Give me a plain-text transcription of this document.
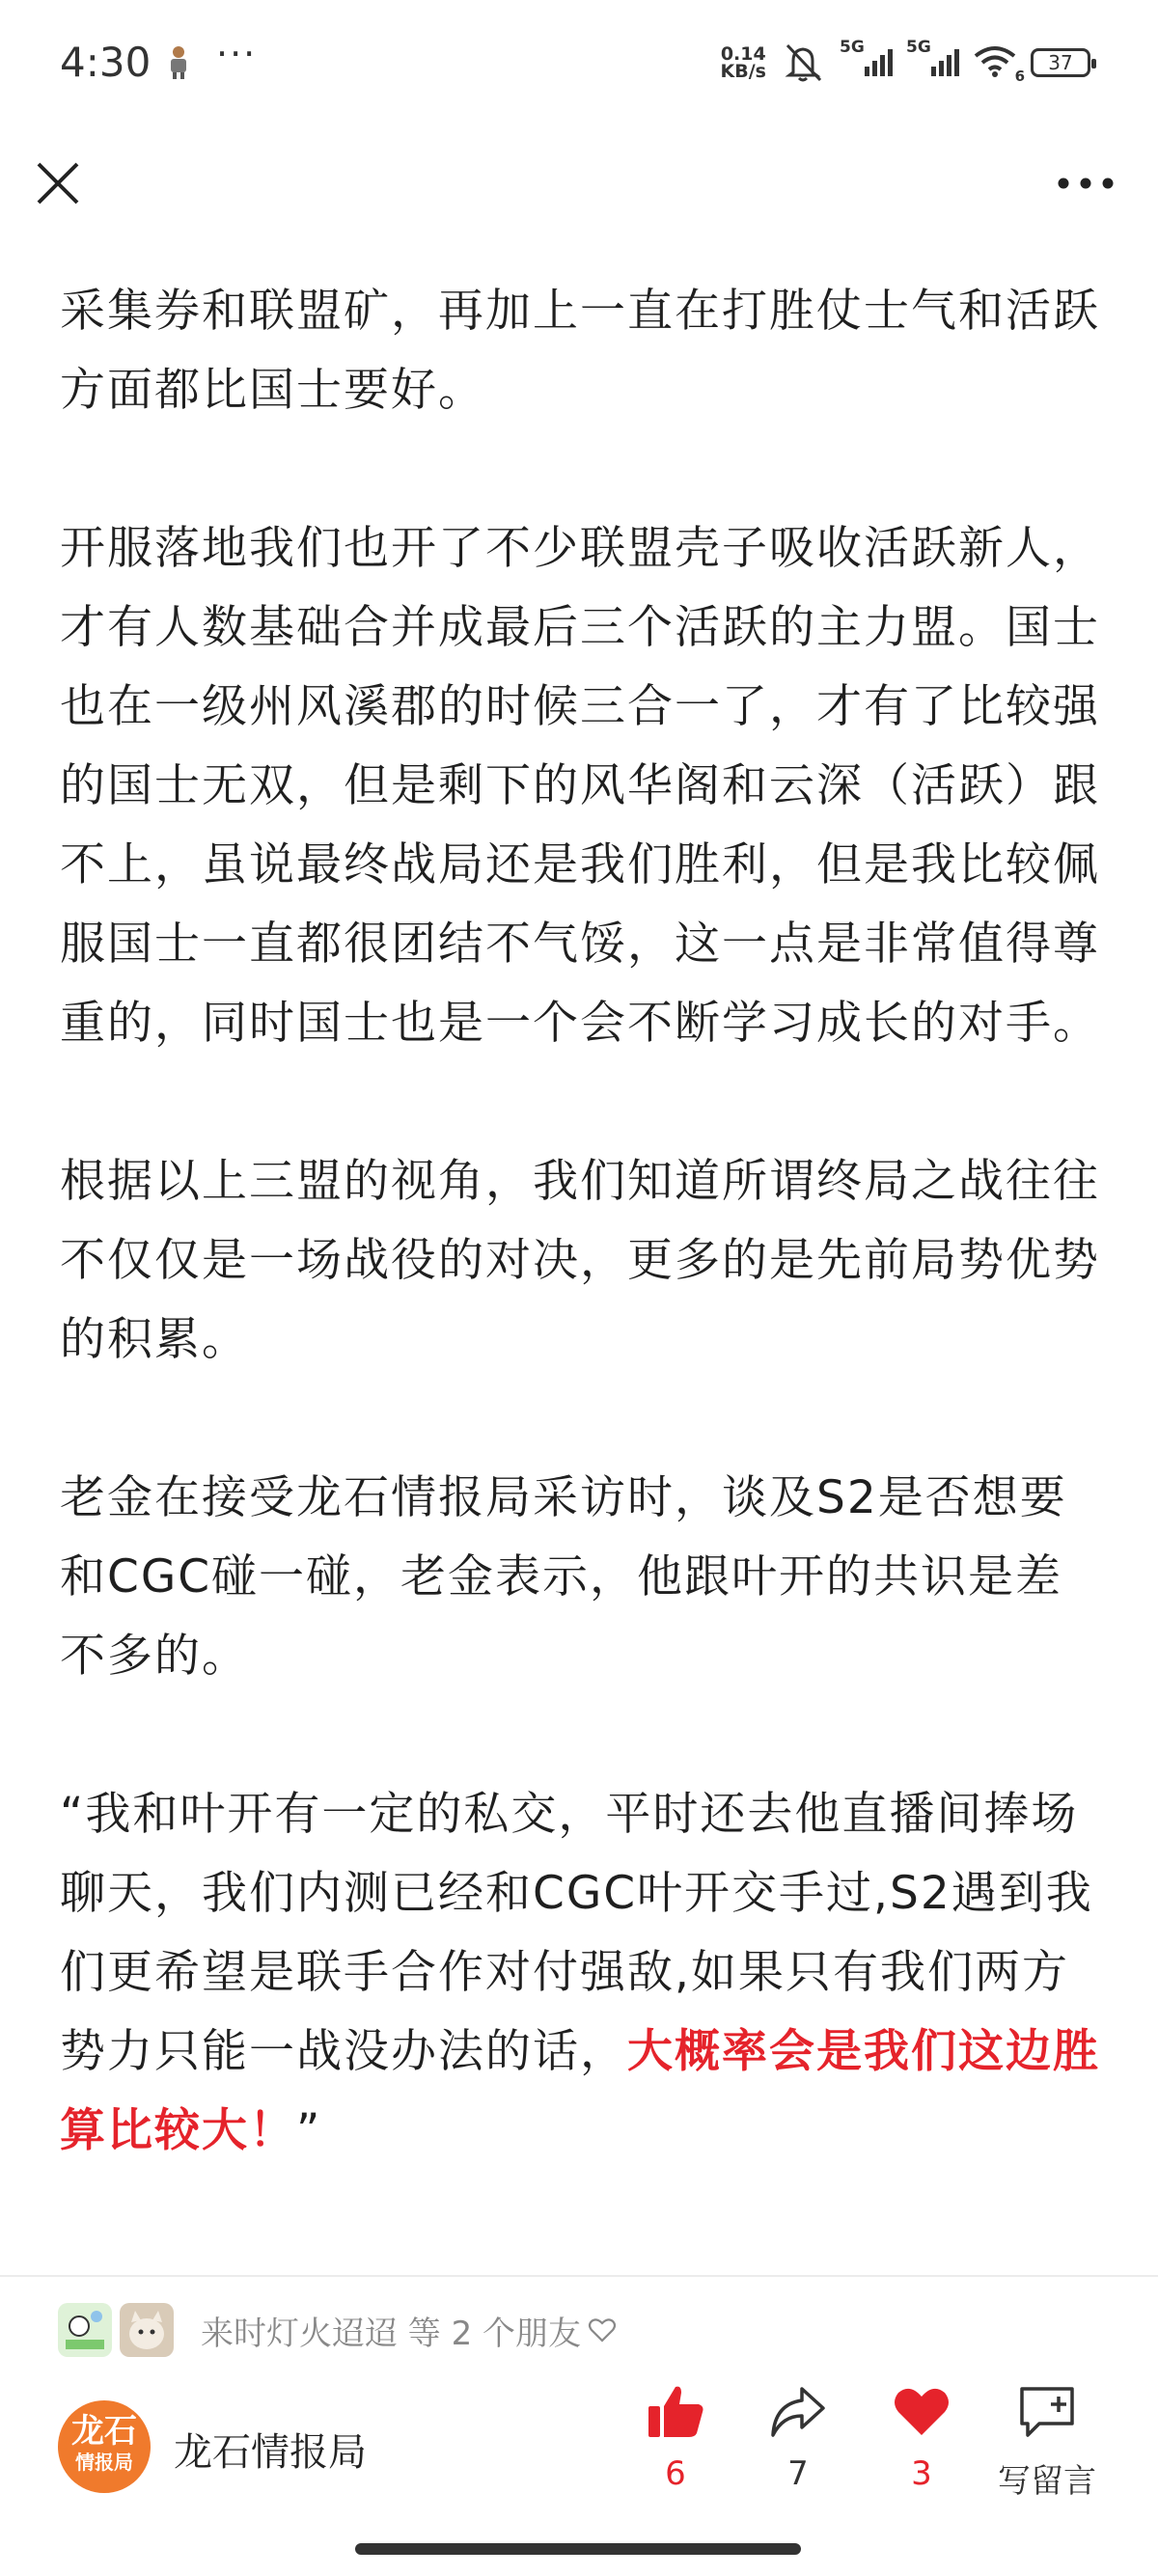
4:30 ···	0.14
KB/s
5G	5G
6
37

采集券和联盟矿，再加上一直在打胜仗士气和活跃方面都比国士要好。

开服落地我们也开了不少联盟壳子吸收活跃新人，才有人数基础合并成最后三个活跃的主力盟。国士也在一级州风溪郡的时候三合一了，才有了比较强的国士无双，但是剩下的风华阁和云深（活跃）跟不上，虽说最终战局还是我们胜利，但是我比较佩服国士一直都很团结不气馁，这一点是非常值得尊重的，同时国士也是一个会不断学习成长的对手。

根据以上三盟的视角，我们知道所谓终局之战往往不仅仅是一场战役的对决，更多的是先前局势优势的积累。

老金在接受龙石情报局采访时，谈及S2是否想要和CGC碰一碰，老金表示，他跟叶开的共识是差不多的。

“我和叶开有一定的私交，平时还去他直播间捧场聊天，我们内测已经和CGC叶开交手过,S2遇到我们更希望是联手合作对付强敌,如果只有我们两方势力只能一战没办法的话，大概率会是我们这边胜算比较大！”

来时灯火迢迢 等 2 个朋友
龙石
情报局	龙石情报局	6	7	3	写留言
